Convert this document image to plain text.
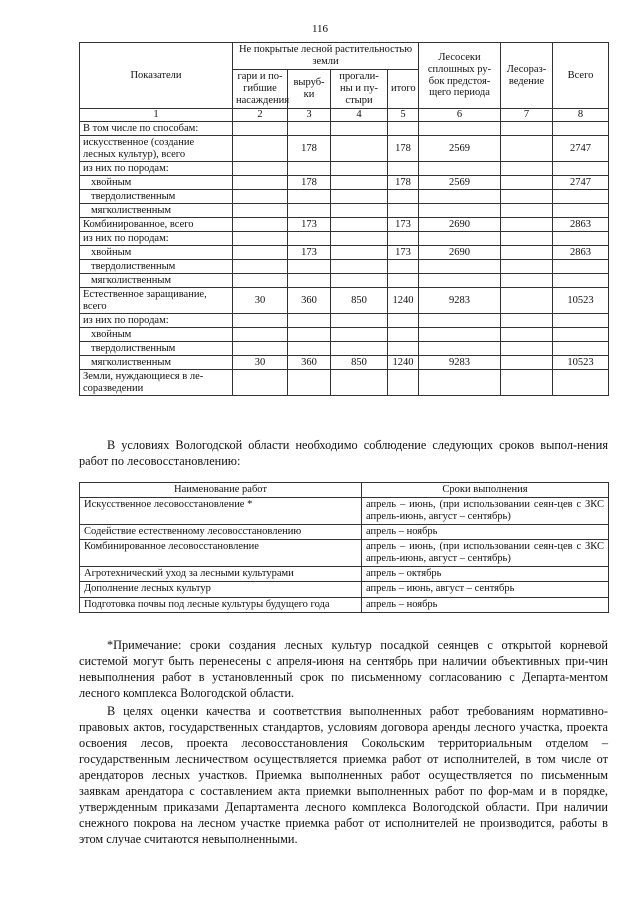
116
Показатели	Не покрытые лесной растительностью земли				Лесосеки сплошных ру-бок предстоя-щего периода	Лесораз-ведение	Всего
	гари и по-гибшие насаждения	выруб-ки	прогали-ны и пу-стыри	итого			
1	2	3	4	5	6	7	8
В том числе по способам:							
искусственное (создание лесных культур), всего		178		178	2569		2747
из них по породам:							
хвойным		178		178	2569		2747
твердолиственным							
мягколиственным							
Комбинированное, всего		173		173	2690		2863
из них по породам:							
хвойным		173		173	2690		2863
твердолиственным							
мягколиственным							
Естественное заращивание, всего	30	360	850	1240	9283		10523
из них по породам:							
хвойным							
твердолиственным							
мягколиственным	30	360	850	1240	9283		10523
Земли, нуждающиеся в ле-соразведении							

В условиях Вологодской области необходимо соблюдение следующих сроков выпол-нения работ по лесовосстановлению:

Наименование работ	Сроки выполнения
Искусственное лесовосстановление *	апрель – июнь, (при использовании сеян-цев с ЗКС апрель-июнь, август – сентябрь)
Содействие естественному лесовосстановлению	апрель – ноябрь
Комбинированное лесовосстановление	апрель – июнь, (при использовании сеян-цев с ЗКС апрель-июнь, август – сентябрь)
Агротехнический уход за лесными культурами	апрель – октябрь
Дополнение лесных культур	апрель – июнь, август – сентябрь
Подготовка почвы под лесные культуры будущего года	апрель – ноябрь

*Примечание: сроки создания лесных культур посадкой сеянцев с открытой корневой системой могут быть перенесены с апреля-июня на сентябрь при наличии объективных при-чин невыполнения работ в установленный срок по письменному согласованию с Департа-ментом лесного комплекса Вологодской области.

В целях оценки качества и соответствия выполненных работ требованиям нормативно-правовых актов, государственных стандартов, условиям договора аренды лесного участка, проекта освоения лесов, проекта лесовосстановления Сокольским территориальным отделом – государственным лесничеством осуществляется приемка работ от исполнителей, в том числе от арендаторов лесных участков. Приемка выполненных работ осуществляется по письменным заявкам арендатора с составлением акта приемки выполненных работ по фор-мам и в порядке, утвержденным приказами Департамента лесного комплекса Вологодской области. При наличии снежного покрова на лесном участке приемка работ от исполнителей не производится, работы в этом случае считаются невыполненными.
